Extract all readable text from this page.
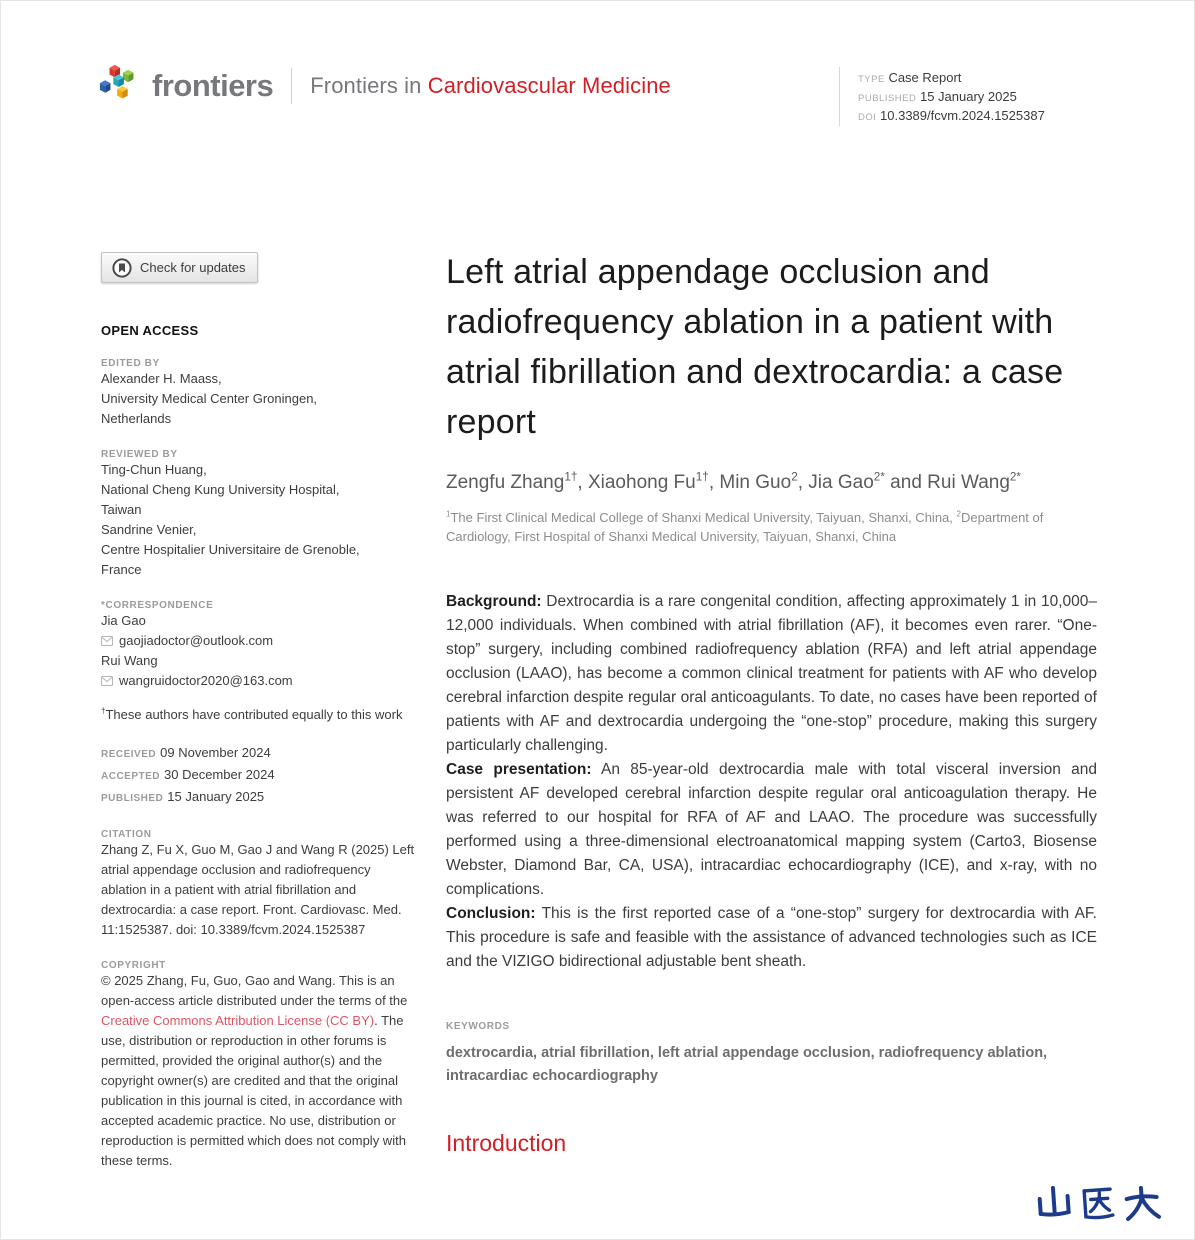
frontiers Frontiers in Cardiovascular Medicine	TYPE Case Report
PUBLISHED 15 January 2025
DOI 10.3389/fcvm.2024.1525387
Check for updates
OPEN ACCESS
EDITED BY
Alexander H. Maass,
University Medical Center Groningen,
Netherlands
REVIEWED BY
Ting-Chun Huang,
National Cheng Kung University Hospital,
Taiwan
Sandrine Venier,
Centre Hospitalier Universitaire de Grenoble,
France
*CORRESPONDENCE
Jia Gao
gaojiadoctor@outlook.com
Rui Wang
wangruidoctor2020@163.com
†These authors have contributed equally to this work
RECEIVED 09 November 2024
ACCEPTED 30 December 2024
PUBLISHED 15 January 2025
CITATION
Zhang Z, Fu X, Guo M, Gao J and Wang R (2025) Left atrial appendage occlusion and radiofrequency ablation in a patient with atrial fibrillation and dextrocardia: a case report. Front. Cardiovasc. Med. 11:1525387. doi: 10.3389/fcvm.2024.1525387
COPYRIGHT
© 2025 Zhang, Fu, Guo, Gao and Wang. This is an open-access article distributed under the terms of the Creative Commons Attribution License (CC BY). The use, distribution or reproduction in other forums is permitted, provided the original author(s) and the copyright owner(s) are credited and that the original publication in this journal is cited, in accordance with accepted academic practice. No use, distribution or reproduction is permitted which does not comply with these terms.
Left atrial appendage occlusion and radiofrequency ablation in a patient with atrial fibrillation and dextrocardia: a case report
Zengfu Zhang$^{1\dagger}$, Xiaohong $Fu^{1\dagger}$, Min Guo$^2$, Jia Gao$^{2*}$ and Rui Wang$^{2*}$
$^1$The First Clinical Medical College of Shanxi Medical University, Taiyuan, Shanxi, China, $^2$Department of Cardiology, First Hospital of Shanxi Medical University, Taiyuan, Shanxi, China

Background: Dextrocardia is a rare congenital condition, affecting approximately 1 in 10,000–12,000 individuals. When combined with atrial fibrillation (AF), it becomes even rarer. “One-stop” surgery, including combined radiofrequency ablation (RFA) and left atrial appendage occlusion (LAAO), has become a common clinical treatment for patients with AF who develop cerebral infarction despite regular oral anticoagulants. To date, no cases have been reported of patients with AF and dextrocardia undergoing the “one-stop” procedure, making this surgery particularly challenging.

Case presentation: An 85-year-old dextrocardia male with total visceral inversion and persistent AF developed cerebral infarction despite regular oral anticoagulation therapy. He was referred to our hospital for RFA of AF and LAAO. The procedure was successfully performed using a three-dimensional electroanatomical mapping system (Carto3, Biosense Webster, Diamond Bar, CA, USA), intracardiac echocardiography (ICE), and x-ray, with no complications.

Conclusion: This is the first reported case of a “one-stop” surgery for dextrocardia with AF. This procedure is safe and feasible with the assistance of advanced technologies such as ICE and the VIZIGO bidirectional adjustable bent sheath.

KEYWORDS
dextrocardia, atrial fibrillation, left atrial appendage occlusion, radiofrequency ablation, intracardiac echocardiography
Introduction
